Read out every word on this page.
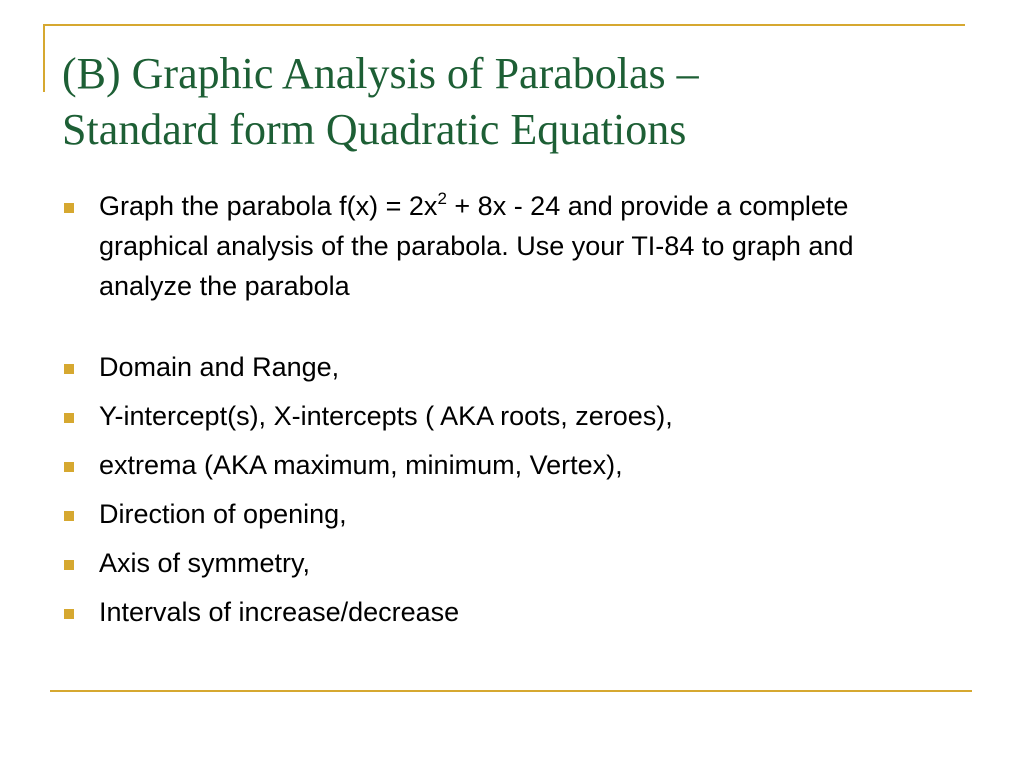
(B) Graphic Analysis of Parabolas –
Standard form Quadratic Equations
Graph the parabola $f(x) = 2x^2 + 8x - 24$ and provide a complete graphical analysis of the parabola. Use your TI-84 to graph and analyze the parabola
Domain and Range,
Y-intercept(s), X-intercepts ( AKA roots, zeroes),
extrema (AKA maximum, minimum, Vertex),
Direction of opening,
Axis of symmetry,
Intervals of increase/decrease
